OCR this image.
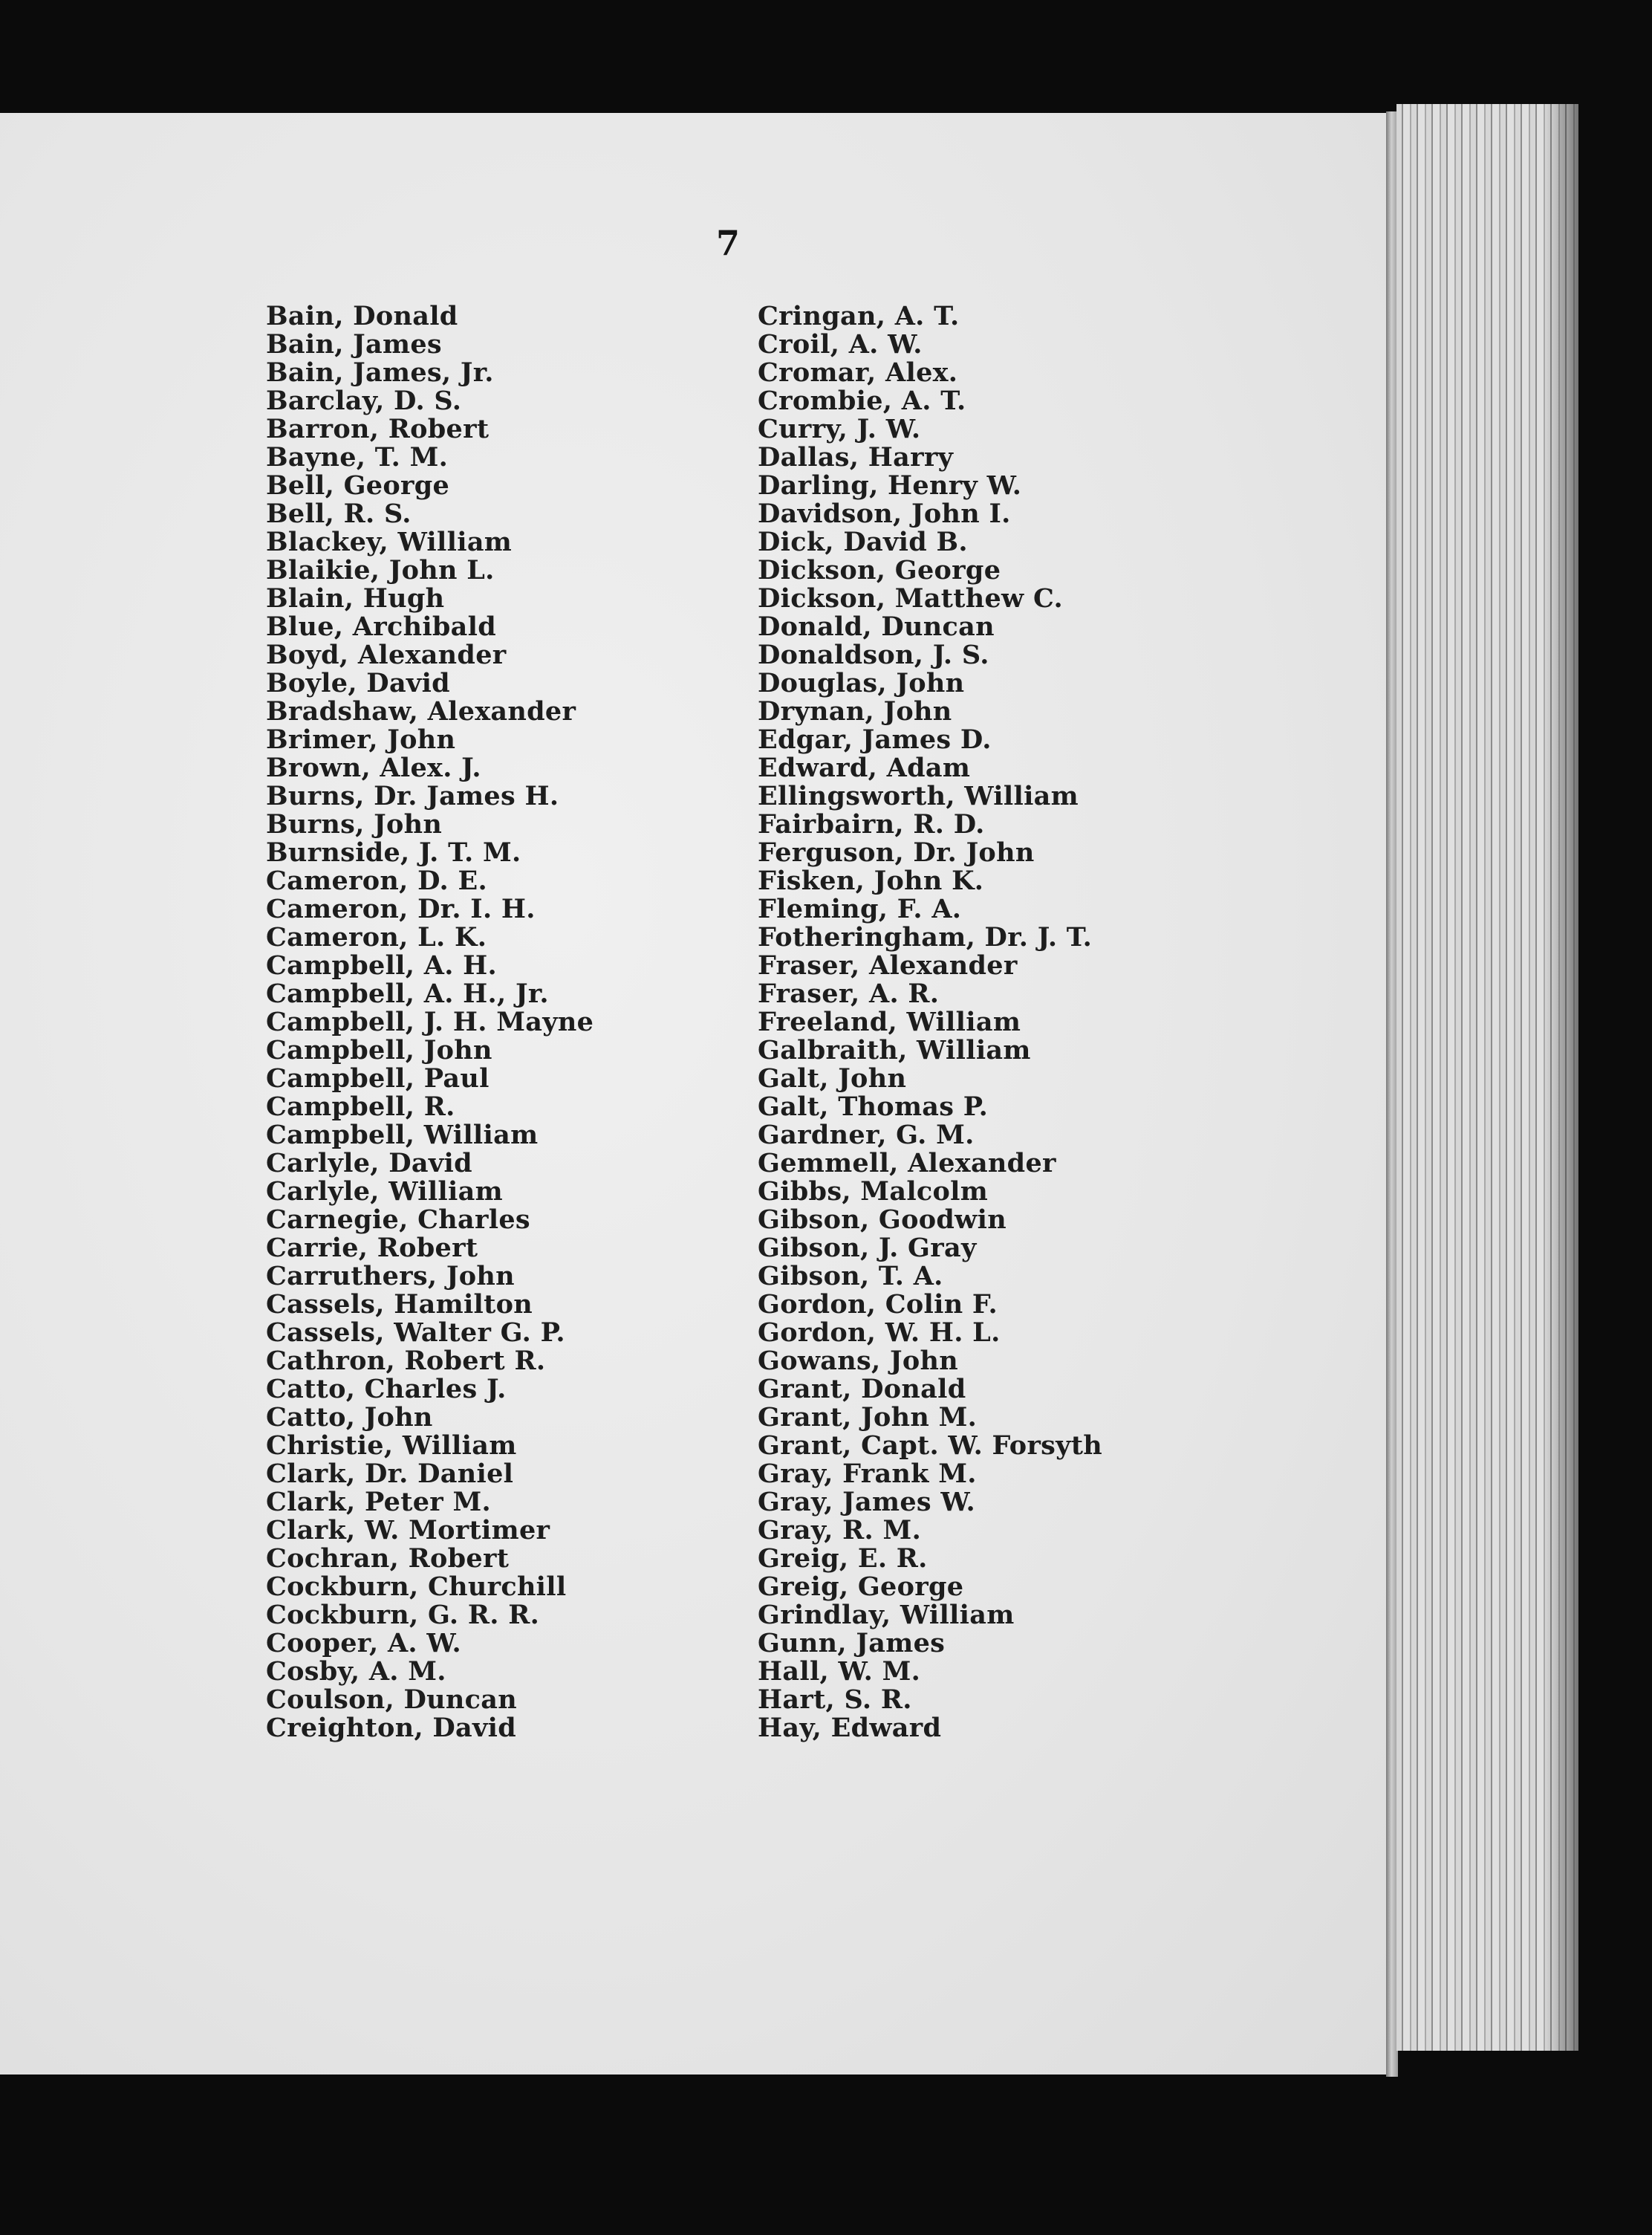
7
Bain, Donald
Bain, James
Bain, James, Jr.
Barclay, D. S.
Barron, Robert
Bayne, T. M.
Bell, George
Bell, R. S.
Blackey, William
Blaikie, John L.
Blain, Hugh
Blue, Archibald
Boyd, Alexander
Boyle, David
Bradshaw, Alexander
Brimer, John
Brown, Alex. J.
Burns, Dr. James H.
Burns, John
Burnside, J. T. M.
Cameron, D. E.
Cameron, Dr. I. H.
Cameron, L. K.
Campbell, A. H.
Campbell, A. H., Jr.
Campbell, J. H. Mayne
Campbell, John
Campbell, Paul
Campbell, R.
Campbell, William
Carlyle, David
Carlyle, William
Carnegie, Charles
Carrie, Robert
Carruthers, John
Cassels, Hamilton
Cassels, Walter G. P.
Cathron, Robert R.
Catto, Charles J.
Catto, John
Christie, William
Clark, Dr. Daniel
Clark, Peter M.
Clark, W. Mortimer
Cochran, Robert
Cockburn, Churchill
Cockburn, G. R. R.
Cooper, A. W.
Cosby, A. M.
Coulson, Duncan
Creighton, David
Cringan, A. T.
Croil, A. W.
Cromar, Alex.
Crombie, A. T.
Curry, J. W.
Dallas, Harry
Darling, Henry W.
Davidson, John I.
Dick, David B.
Dickson, George
Dickson, Matthew C.
Donald, Duncan
Donaldson, J. S.
Douglas, John
Drynan, John
Edgar, James D.
Edward, Adam
Ellingsworth, William
Fairbairn, R. D.
Ferguson, Dr. John
Fisken, John K.
Fleming, F. A.
Fotheringham, Dr. J. T.
Fraser, Alexander
Fraser, A. R.
Freeland, William
Galbraith, William
Galt, John
Galt, Thomas P.
Gardner, G. M.
Gemmell, Alexander
Gibbs, Malcolm
Gibson, Goodwin
Gibson, J. Gray
Gibson, T. A.
Gordon, Colin F.
Gordon, W. H. L.
Gowans, John
Grant, Donald
Grant, John M.
Grant, Capt. W. Forsyth
Gray, Frank M.
Gray, James W.
Gray, R. M.
Greig, E. R.
Greig, George
Grindlay, William
Gunn, James
Hall, W. M.
Hart, S. R.
Hay, Edward
